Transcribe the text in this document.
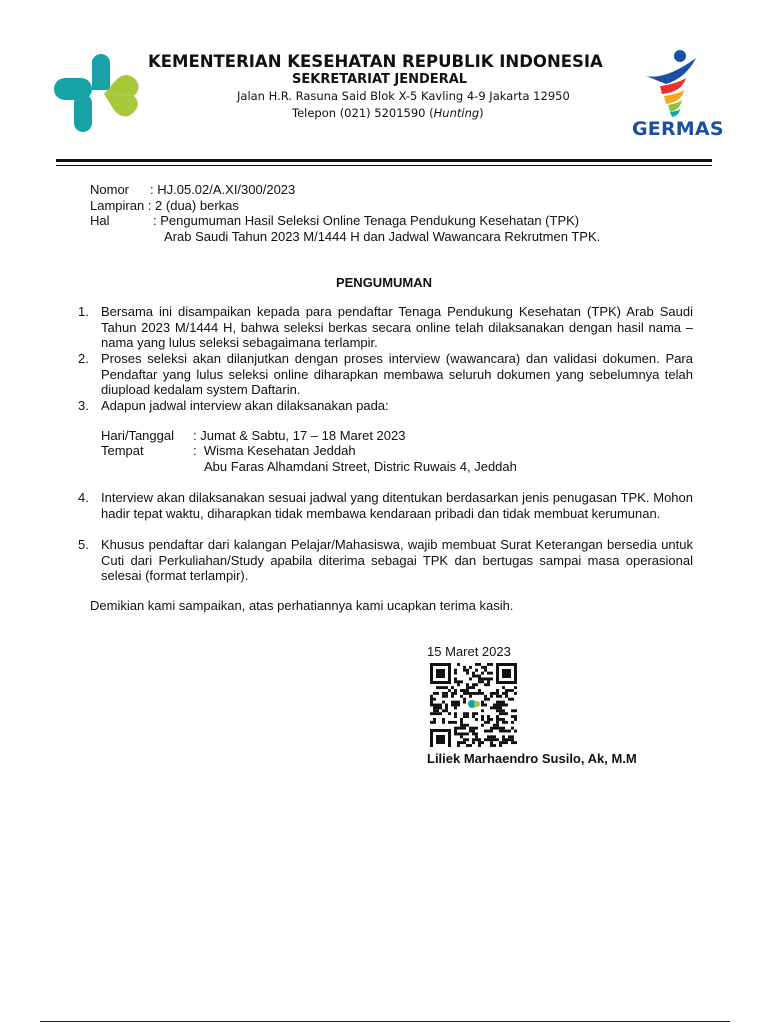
KEMENTERIAN KESEHATAN REPUBLIK INDONESIA
SEKRETARIAT JENDERAL
Jalan H.R. Rasuna Said Blok X-5 Kavling 4-9 Jakarta 12950
Telepon (021) 5201590 (Hunting)
GERMAS
Nomor : HJ.05.02/A.XI/300/2023
Lampiran : 2 (dua) berkas
Hal	: Pengumuman Hasil Seleksi Online Tenaga Pendukung Kesehatan (TPK)
Arab Saudi Tahun 2023 M/1444 H dan Jadwal Wawancara Rekrutmen TPK.
PENGUMUMAN
1. Bersama ini disampaikan kepada para pendaftar Tenaga Pendukung Kesehatan (TPK) Arab Saudi Tahun 2023 M/1444 H, bahwa seleksi berkas secara online telah dilaksanakan dengan hasil nama – nama yang lulus seleksi sebagaimana terlampir.
2. Proses seleksi akan dilanjutkan dengan proses interview (wawancara) dan validasi dokumen. Para Pendaftar yang lulus seleksi online diharapkan membawa seluruh dokumen yang sebelumnya telah diupload kedalam system Daftarin.
3. Adapun jadwal interview akan dilaksanakan pada:
Hari/Tanggal : Jumat & Sabtu, 17 – 18 Maret 2023
Tempat	:  Wisma Kesehatan Jeddah
Abu Faras Alhamdani Street, Distric Ruwais 4, Jeddah
4. Interview akan dilaksanakan sesuai jadwal yang ditentukan berdasarkan jenis penugasan TPK. Mohon hadir tepat waktu, diharapkan tidak membawa kendaraan pribadi dan tidak membuat kerumunan.
5. Khusus pendaftar dari kalangan Pelajar/Mahasiswa, wajib membuat Surat Keterangan bersedia untuk Cuti dari Perkuliahan/Study apabila diterima sebagai TPK dan bertugas sampai masa operasional selesai (format terlampir).
Demikian kami sampaikan, atas perhatiannya kami ucapkan terima kasih.
15 Maret 2023
Liliek Marhaendro Susilo, Ak, M.M
